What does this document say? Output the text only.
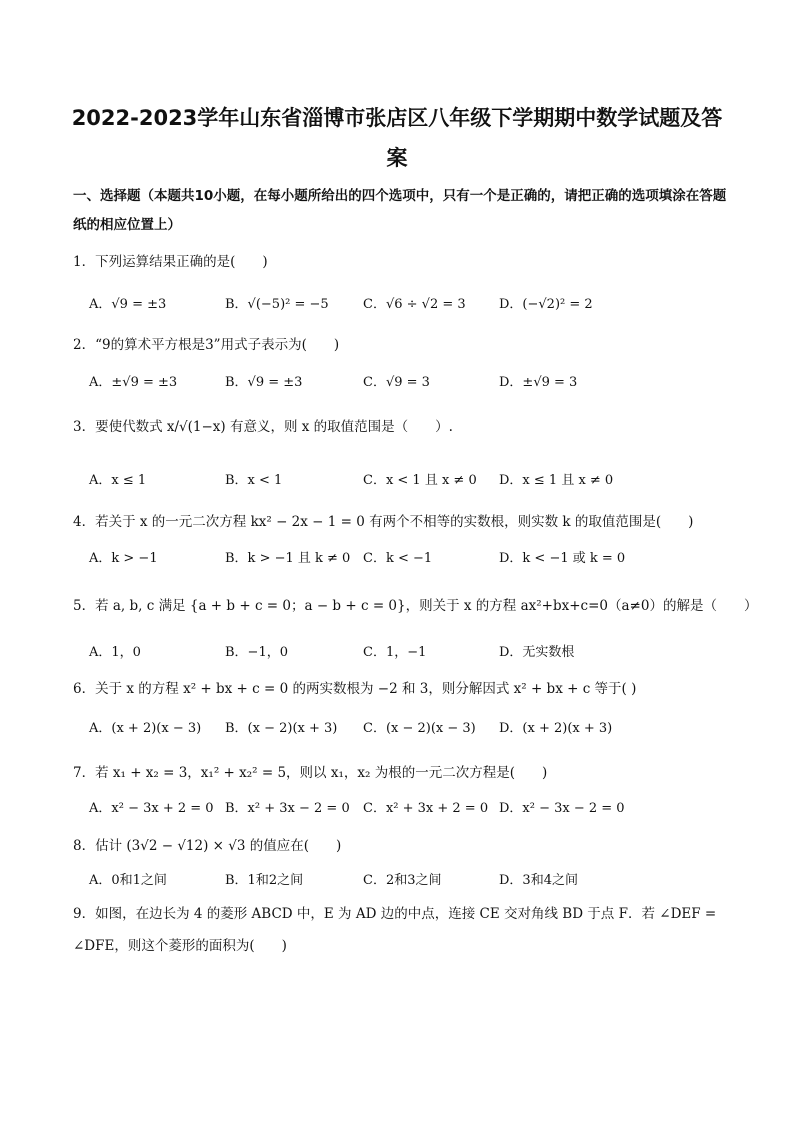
2022-2023学年山东省淄博市张店区八年级下学期期中数学试题及答
案
一、选择题（本题共10小题，在每小题所给出的四个选项中，只有一个是正确的，请把正确的选项填涂在答题纸的相应位置上）
1．下列运算结果正确的是(　　)
A．√9 = ±3	B．√(−5)² = −5	C．√6 ÷ √2 = 3	D．(−√2)² = 2
2．“9的算术平方根是3”用式子表示为(　　)
A．±√9 = ±3	B．√9 = ±3	C．√9 = 3	D．±√9 = 3
3．要使代数式 x/√(1−x) 有意义，则 x 的取值范围是（　　）.
A．x ≤ 1	B．x < 1	C．x < 1 且 x ≠ 0 D．x ≤ 1 且 x ≠ 0
4．若关于 x 的一元二次方程 kx² − 2x − 1 = 0 有两个不相等的实数根，则实数 k 的取值范围是(　　)
A．k > −1	B．k > −1 且 k ≠ 0 C．k < −1	D．k < −1 或 k = 0
5．若 a, b, c 满足 {a + b + c = 0；a − b + c = 0}，则关于 x 的方程 ax²+bx+c=0（a≠0）的解是（　　）
A．1，0	B．−1，0	C．1，−1	D．无实数根
6．关于 x 的方程 x² + bx + c = 0 的两实数根为 −2 和 3，则分解因式 x² + bx + c 等于( )
A．(x + 2)(x − 3) B．(x − 2)(x + 3) C．(x − 2)(x − 3) D．(x + 2)(x + 3)
7．若 x₁ + x₂ = 3，x₁² + x₂² = 5，则以 x₁，x₂ 为根的一元二次方程是(　　)
A．x² − 3x + 2 = 0 B．x² + 3x − 2 = 0 C．x² + 3x + 2 = 0 D．x² − 3x − 2 = 0
8．估计 (3√2 − √12) × √3 的值应在(　　)
A．0和1之间	B．1和2之间	C．2和3之间	D．3和4之间
9．如图，在边长为 4 的菱形 ABCD 中，E 为 AD 边的中点，连接 CE 交对角线 BD 于点 F．若 ∠DEF = ∠DFE，则这个菱形的面积为(　　)
